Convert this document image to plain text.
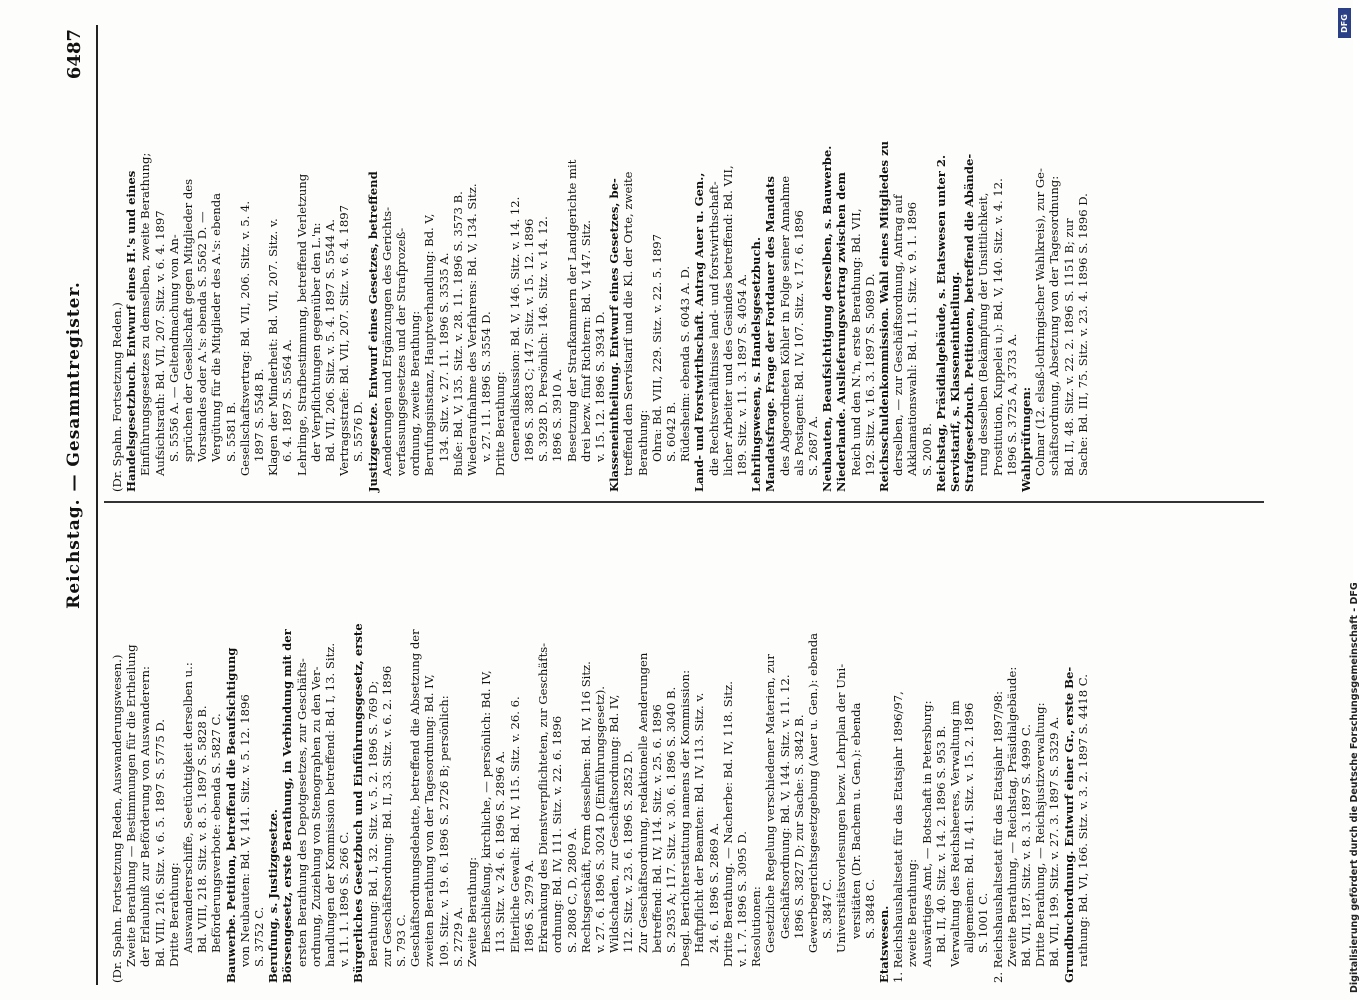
Reichstag. — Gesammtregister.
6487
(Dr. Spahn. Fortsetzung Reden, Auswanderungswesen.) Zweite Berathung — Bestimmungen für die Ertheilung der Erlaubniß zur Beförderung von Auswanderern: Bd. VIII, 216. Sitz. v. 6. 5. 1897 S. 5775 D. Dritte Berathung: Auswandererschiffe, Seetüchtigkeit derselben u.: Bd. VIII, 218. Sitz. v. 8. 5. 1897 S. 5828 B. Beförderungsverbote: ebenda S. 5827 C. Bauwerbe. Petition, betreffend die Beaufsichtigung von Neubauten: Bd. V, 141. Sitz. v. 5. 12. 1896 S. 3752 C. Berufung, s. Justizgesetze. Börsengesetz, erste Berathung, in Verbindung mit der ersten Berathung des Depotgesetzes, zur Geschäfts- ordnung, Zuziehung von Stenographen zu den Ver- handlungen der Kommission betreffend: Bd. I, 13. Sitz. v. 11. 1. 1896 S. 266 C. Bürgerliches Gesetzbuch und Einführungsgesetz, erste Berathung: Bd. I, 32. Sitz. v. 5. 2. 1896 S. 769 D; zur Geschäftsordnung: Bd. II, 33. Sitz. v. 6. 2. 1896 S. 793 C. Geschäftsordnungsdebatte, betreffend die Absetzung der zweiten Berathung von der Tagesordnung: Bd. IV, 109. Sitz. v. 19. 6. 1896 S. 2726 B; persönlich: S. 2729 A. Zweite Berathung: Eheschließung, kirchliche, — persönlich: Bd. IV, 113. Sitz. v. 24. 6. 1896 S. 2896 A. Elterliche Gewalt: Bd. IV, 115. Sitz. v. 26. 6. 1896 S. 2979 A. Erkrankung des Dienstverpflichteten, zur Geschäfts- ordnung: Bd. IV, 111. Sitz. v. 22. 6. 1896 S. 2808 C, D, 2809 A. Rechtsgeschäft, Form desselben: Bd. IV, 116 Sitz. v. 27. 6. 1896 S. 3024 D (Einführungsgesetz). Wildschaden, zur Geschäftsordnung: Bd. IV, 112. Sitz. v. 23. 6. 1896 S. 2852 D. Zur Geschäftsordnung, redaktionelle Aenderungen betreffend: Bd. IV, 114. Sitz. v. 25. 6. 1896 S. 2935 A; 117. Sitz. v. 30. 6. 1896 S. 3040 B. Desgl. Berichterstattung namens der Kommission: Haftpflicht der Beamten: Bd. IV, 113. Sitz. v. 24. 6. 1896 S. 2869 A. Dritte Berathung. — Nacherbe: Bd. IV, 118. Sitz. v. 1. 7. 1896 S. 3095 D. Resolutionen: Gesetzliche Regelung verschiedener Materien, zur Geschäftsordnung: Bd. V, 144. Sitz. v. 11. 12. 1896 S. 3827 D; zur Sache: S. 3842 B. Gewerbegerichtsgesetzgebung (Auer u. Gen.): ebenda S. 3847 C. Universitätsvorlesungen bezw. Lehrplan der Uni- versitäten (Dr. Bachem u. Gen.): ebenda S. 3848 C. Etatswesen. 1. Reichshaushaltsetat für das Etatsjahr 1896/97, zweite Berathung: Auswärtiges Amt, — Botschaft in Petersburg: Bd. II, 40. Sitz. v. 14. 2. 1896 S. 953 B. Verwaltung des Reichsheeres, Verwaltung im allgemeinen: Bd. II, 41. Sitz. v. 15. 2. 1896 S. 1001 C. 2. Reichshaushaltsetat für das Etatsjahr 1897/98: Zweite Berathung, — Reichstag, Präsidialgebäude: Bd. VII, 187. Sitz. v. 8. 3. 1897 S. 4999 C. Dritte Berathung, — Reichsjustizverwaltung: Bd. VII, 199. Sitz. v. 27. 3. 1897 S. 5329 A. Grundbuchordnung. Entwurf einer Gr., erste Be- rathung: Bd. VI, 166. Sitz. v. 3. 2. 1897 S. 4418 C.
(Dr. Spahn. Fortsetzung Reden.) Handelsgesetzbuch. Entwurf eines H.'s und eines Einführungsgesetzes zu demselben, zweite Berathung; Aufsichtsrath: Bd. VII, 207. Sitz. v. 6. 4. 1897 S. 5556 A. — Geltendmachung von An- sprüchen der Gesellschaft gegen Mitglieder des Vorstandes oder A.'s: ebenda S. 5562 D. — Vergütung für die Mitglieder des A.'s: ebenda S. 5581 B. Gesellschaftsvertrag: Bd. VII, 206. Sitz. v. 5. 4. 1897 S. 5548 B. Klagen der Minderheit: Bd. VII, 207. Sitz. v. 6. 4. 1897 S. 5564 A. Lehrlinge, Strafbestimmung, betreffend Verletzung der Verpflichtungen gegenüber den L.'n: Bd. VII, 206. Sitz. v. 5. 4. 1897 S. 5544 A. Vertragsstrafe: Bd. VII, 207. Sitz. v. 6. 4. 1897 S. 5576 D. Justizgesetze. Entwurf eines Gesetzes, betreffend Aenderungen und Ergänzungen des Gerichts- verfassungsgesetzes und der Strafprozeß- ordnung, zweite Berathung: Berufungsinstanz, Hauptverhandlung: Bd. V, 134. Sitz. v. 27. 11. 1896 S. 3535 A. Buße: Bd. V, 135. Sitz. v. 28. 11. 1896 S. 3573 B. Wiederaufnahme des Verfahrens: Bd. V, 134. Sitz. v. 27. 11. 1896 S. 3554 D. Dritte Berathung: Generaldiskussion: Bd. V, 146. Sitz. v. 14. 12. 1896 S. 3883 C; 147. Sitz. v. 15. 12. 1896 S. 3928 D. Persönlich: 146. Sitz. v. 14. 12. 1896 S. 3910 A. Besetzung der Strafkammern der Landgerichte mit drei bezw. fünf Richtern: Bd. V, 147. Sitz. v. 15. 12. 1896 S. 3934 D. Klasseneintheilung. Entwurf eines Gesetzes, be- treffend den Servistarif und die Kl. der Orte, zweite Berathung: Ohra: Bd. VIII, 229. Sitz. v. 22. 5. 1897 S. 6042 B. Rüdesheim: ebenda S. 6043 A. D. Land- und Forstwirthschaft. Antrag Auer u. Gen., die Rechtsverhältnisse land- und forstwirthschaft- licher Arbeiter und des Gesindes betreffend: Bd. VII, 189. Sitz. v. 11. 3. 1897 S. 4054 A. Lehrlingswesen, s. Handelsgesetzbuch. Mandatsfrage. Frage der Fortdauer des Mandats des Abgeordneten Köhler in Folge seiner Annahme als Postagent: Bd. IV, 107. Sitz. v. 17. 6. 1896 S. 2687 A. Neubauten, Beaufsichtigung derselben, s. Bauwerbe. Niederlande. Auslieferungsvertrag zwischen dem Reich und den N.'n, erste Berathung: Bd. VII, 192. Sitz. v. 16. 3. 1897 S. 5089 D. Reichsschuldenkommission. Wahl eines Mitgliedes zu derselben, — zur Geschäftsordnung, Antrag auf Akklamationswahl: Bd. I, 11. Sitz. v. 9. 1. 1896 S. 200 B. Reichstag, Präsidialgebäude, s. Etatswesen unter 2. Servistarif, s. Klasseneintheilung. Strafgesetzbuch. Petitionen, betreffend die Abände- rung desselben (Bekämpfung der Unsittlichkeit, Prostitution, Kuppelei u.): Bd. V, 140. Sitz. v. 4. 12. 1896 S. 3725 A, 3733 A. Wahlprüfungen: Colmar (12. elsaß-lothringischer Wahlkreis), zur Ge- schäftsordnung, Absetzung von der Tagesordnung: Bd. II, 48. Sitz. v. 22. 2. 1896 S. 1151 B; zur Sache: Bd. III, 75. Sitz. v. 23. 4. 1896 S. 1896 D.
DFG
Digitalisierung gefördert durch die Deutsche Forschungsgemeinschaft - DFG
